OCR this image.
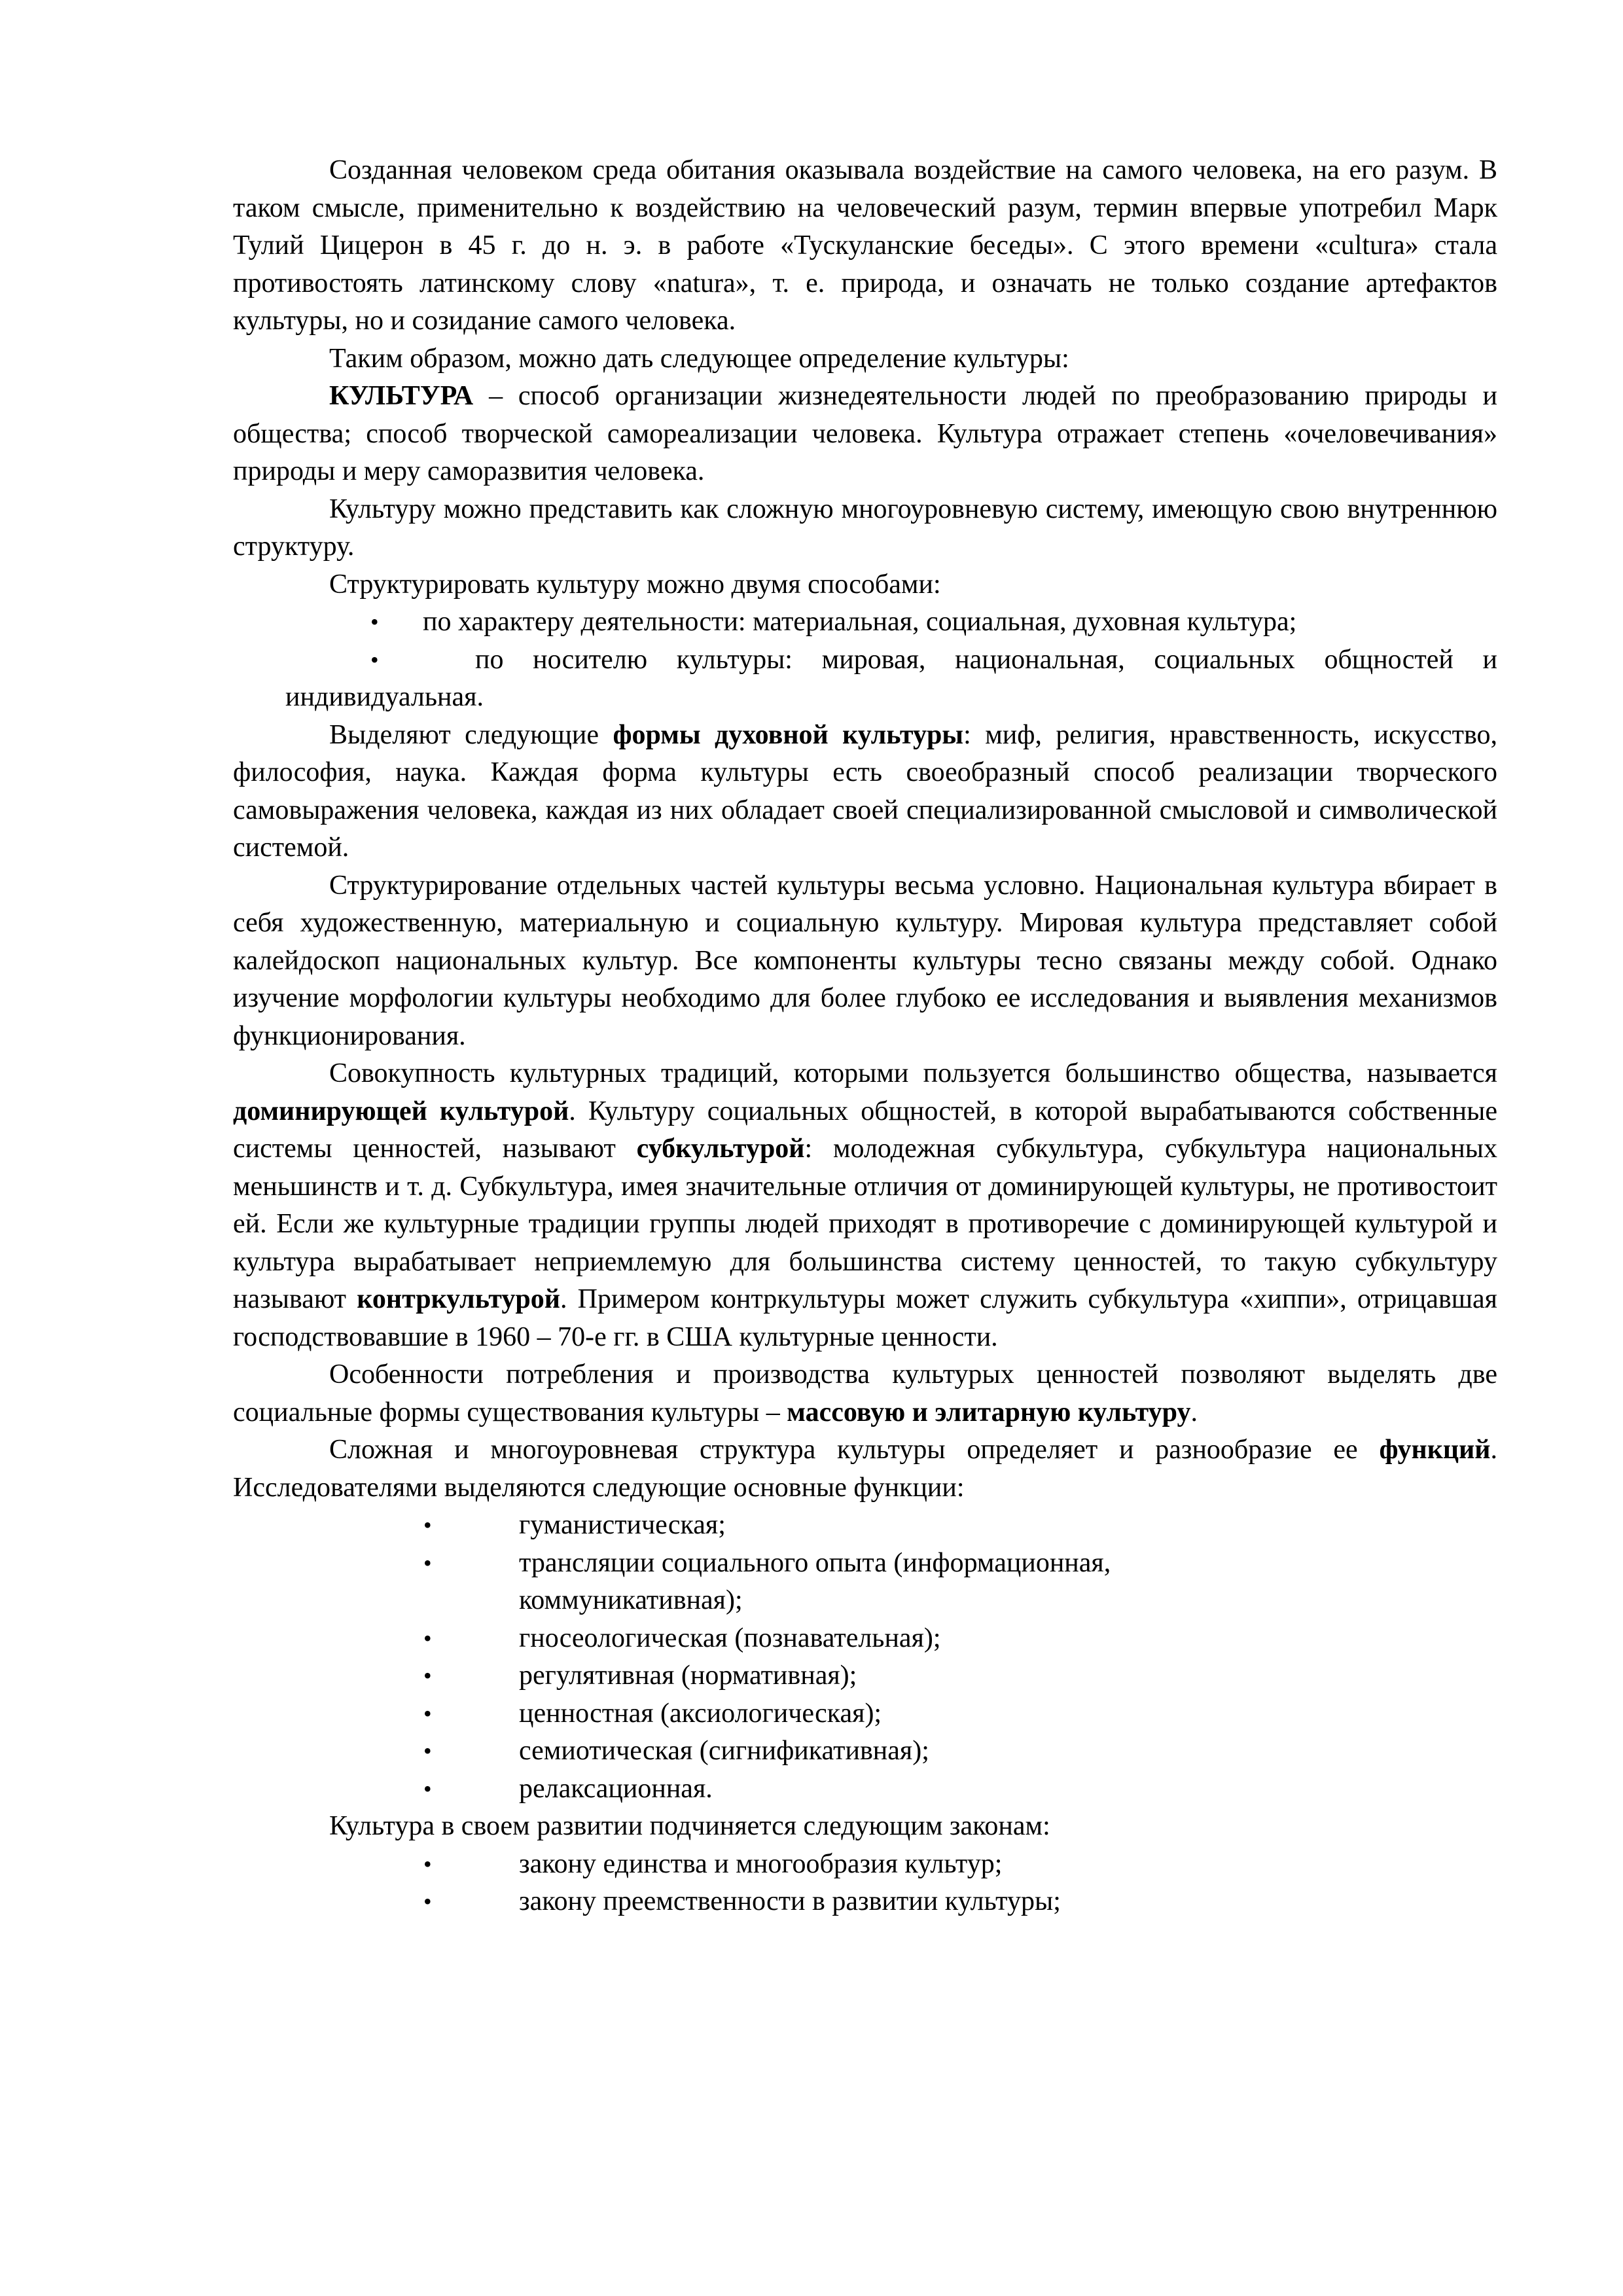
Созданная человеком среда обитания оказывала воздействие на самого человека, на его разум. В таком смысле, применительно к воздействию на человеческий разум, термин впервые употребил Марк Тулий Цицерон в 45 г. до н. э. в работе «Тускуланские беседы». С этого времени «cultura» стала противостоять латинскому слову «natura», т. е. природа, и означать не только создание артефактов культуры, но и созидание самого человека.

Таким образом, можно дать следующее определение культуры:

КУЛЬТУРА – способ организации жизнедеятельности людей по преобразованию природы и общества; способ творческой самореализации человека. Культура отражает степень «очеловечивания» природы и меру саморазвития человека.

Культуру можно представить как сложную многоуровневую систему, имеющую свою внутреннюю структуру.

Структурировать культуру можно двумя способами:

• по характеру деятельности: материальная, социальная, духовная культура;
•	по носителю культуры: мировая, национальная, социальных общностей и индивидуальная.

Выделяют следующие формы духовной культуры: миф, религия, нравственность, искусство, философия, наука. Каждая форма культуры есть своеобразный способ реализации творческого самовыражения человека, каждая из них обладает своей специализированной смысловой и символической системой.

Структурирование отдельных частей культуры весьма условно. Национальная культура вбирает в себя художественную, материальную и социальную культуру. Мировая культура представляет собой калейдоскоп национальных культур. Все компоненты культуры тесно связаны между собой. Однако изучение морфологии культуры необходимо для более глубоко ее исследования и выявления механизмов функционирования.

Совокупность культурных традиций, которыми пользуется большинство общества, называется доминирующей культурой. Культуру социальных общностей, в которой вырабатываются собственные системы ценностей, называют субкультурой: молодежная субкультура, субкультура национальных меньшинств и т. д. Субкультура, имея значительные отличия от доминирующей культуры, не противостоит ей. Если же культурные традиции группы людей приходят в противоречие с доминирующей культурой и культура вырабатывает неприемлемую для большинства систему ценностей, то такую субкультуру называют контркультурой. Примером контркультуры может служить субкультура «хиппи», отрицавшая господствовавшие в 1960 – 70-е гг. в США культурные ценности.

Особенности потребления и производства культурых ценностей позволяют выделять две социальные формы существования культуры – массовую и элитарную культуру.

Сложная и многоуровневая структура культуры определяет и разнообразие ее функций. Исследователями выделяются следующие основные функции:

•	гуманистическая;
•	трансляции социального опыта (информационная, коммуникативная);
•	гносеологическая (познавательная);
•	регулятивная (нормативная);
•	ценностная (аксиологическая);
•	семиотическая (сигнификативная);
•	релаксационная.

Культура в своем развитии подчиняется следующим законам:

•	закону единства и многообразия культур;
•	закону преемственности в развитии культуры;
